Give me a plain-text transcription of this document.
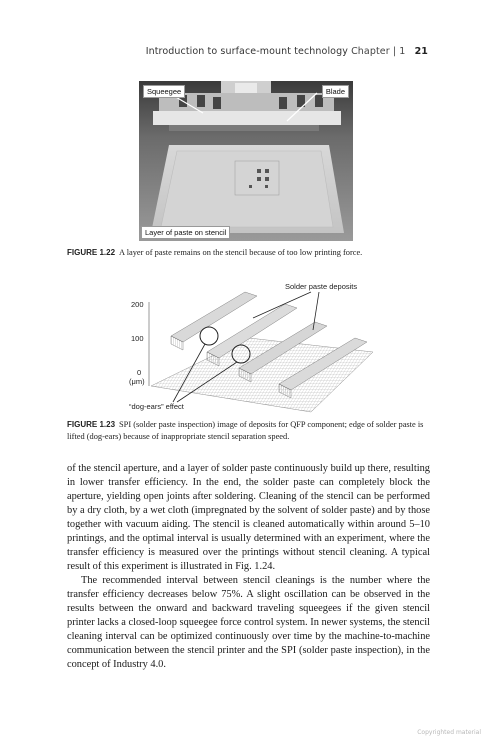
Introduction to surface-mount technology Chapter | 1 21
Squeegee	Blade
Layer of paste on stencil
FIGURE 1.22 A layer of paste remains on the stencil because of too low printing force.
Solder paste deposits
200
100
0
(μm)
“dog-ears” effect
FIGURE 1.23 SPI (solder paste inspection) image of deposits for QFP component; edge of solder paste is lifted (dog-ears) because of inappropriate stencil separation speed.

of the stencil aperture, and a layer of solder paste continuously build up there, resulting in lower transfer efficiency. In the end, the solder paste can completely block the aperture, yielding open joints after soldering. Cleaning of the stencil can be performed by a dry cloth, by a wet cloth (impregnated by the solvent of solder paste) and by those together with vacuum aiding. The stencil is cleaned automatically within around 5–10 printings, and the optimal interval is usually determined with an experiment, where the transfer efficiency is measured over the printings without stencil cleaning. A typical result of this experiment is illustrated in Fig. 1.24.

The recommended interval between stencil cleanings is the number where the transfer efficiency decreases below 75%. A slight oscillation can be observed in the results between the onward and backward traveling squeegees if the given stencil printer lacks a closed-loop squeegee force control system. In newer systems, the stencil cleaning interval can be optimized continuously over time by the machine-to-machine communication between the stencil printer and the SPI (solder paste inspection), in the concept of Industry 4.0.

Copyrighted material
